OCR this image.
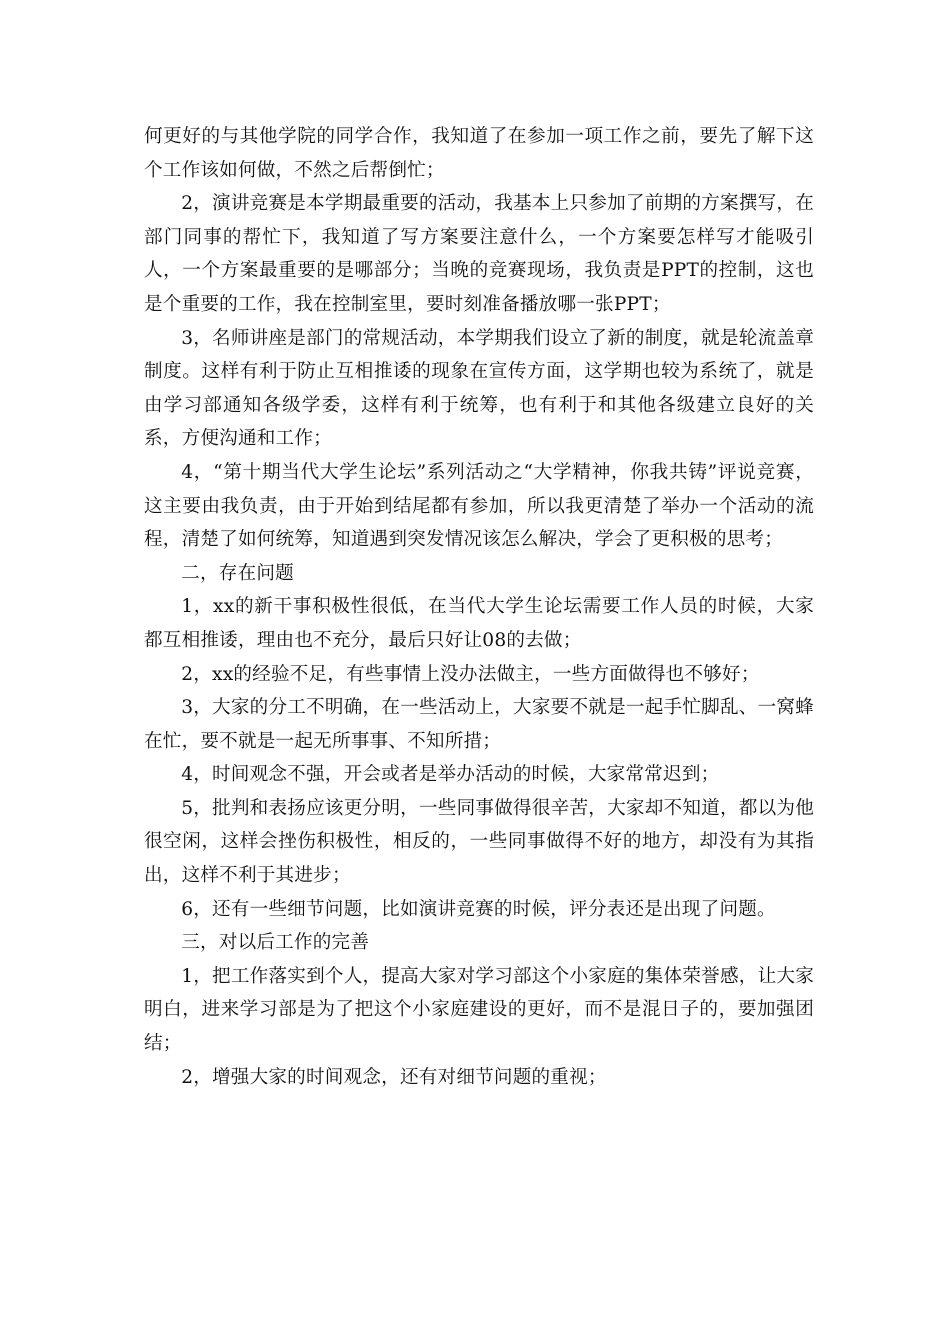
何更好的与其他学院的同学合作，我知道了在参加一项工作之前，要先了解下这个工作该如何做，不然之后帮倒忙；

2，演讲竞赛是本学期最重要的活动，我基本上只参加了前期的方案撰写，在部门同事的帮忙下，我知道了写方案要注意什么，一个方案要怎样写才能吸引人，一个方案最重要的是哪部分；当晚的竞赛现场，我负责是PPT的控制，这也是个重要的工作，我在控制室里，要时刻准备播放哪一张PPT；

3，名师讲座是部门的常规活动，本学期我们设立了新的制度，就是轮流盖章制度。这样有利于防止互相推诿的现象在宣传方面，这学期也较为系统了，就是由学习部通知各级学委，这样有利于统筹，也有利于和其他各级建立良好的关系，方便沟通和工作；

4，“第十期当代大学生论坛”系列活动之“大学精神，你我共铸”评说竞赛，这主要由我负责，由于开始到结尾都有参加，所以我更清楚了举办一个活动的流程，清楚了如何统筹，知道遇到突发情况该怎么解决，学会了更积极的思考；

二，存在问题

1，xx的新干事积极性很低，在当代大学生论坛需要工作人员的时候，大家都互相推诿，理由也不充分，最后只好让08的去做；

2，xx的经验不足，有些事情上没办法做主，一些方面做得也不够好；

3，大家的分工不明确，在一些活动上，大家要不就是一起手忙脚乱、一窝蜂在忙，要不就是一起无所事事、不知所措；

4，时间观念不强，开会或者是举办活动的时候，大家常常迟到；

5，批判和表扬应该更分明，一些同事做得很辛苦，大家却不知道，都以为他很空闲，这样会挫伤积极性，相反的，一些同事做得不好的地方，却没有为其指出，这样不利于其进步；

6，还有一些细节问题，比如演讲竞赛的时候，评分表还是出现了问题。

三，对以后工作的完善

1，把工作落实到个人，提高大家对学习部这个小家庭的集体荣誉感，让大家明白，进来学习部是为了把这个小家庭建设的更好，而不是混日子的，要加强团结；

2，增强大家的时间观念，还有对细节问题的重视；
